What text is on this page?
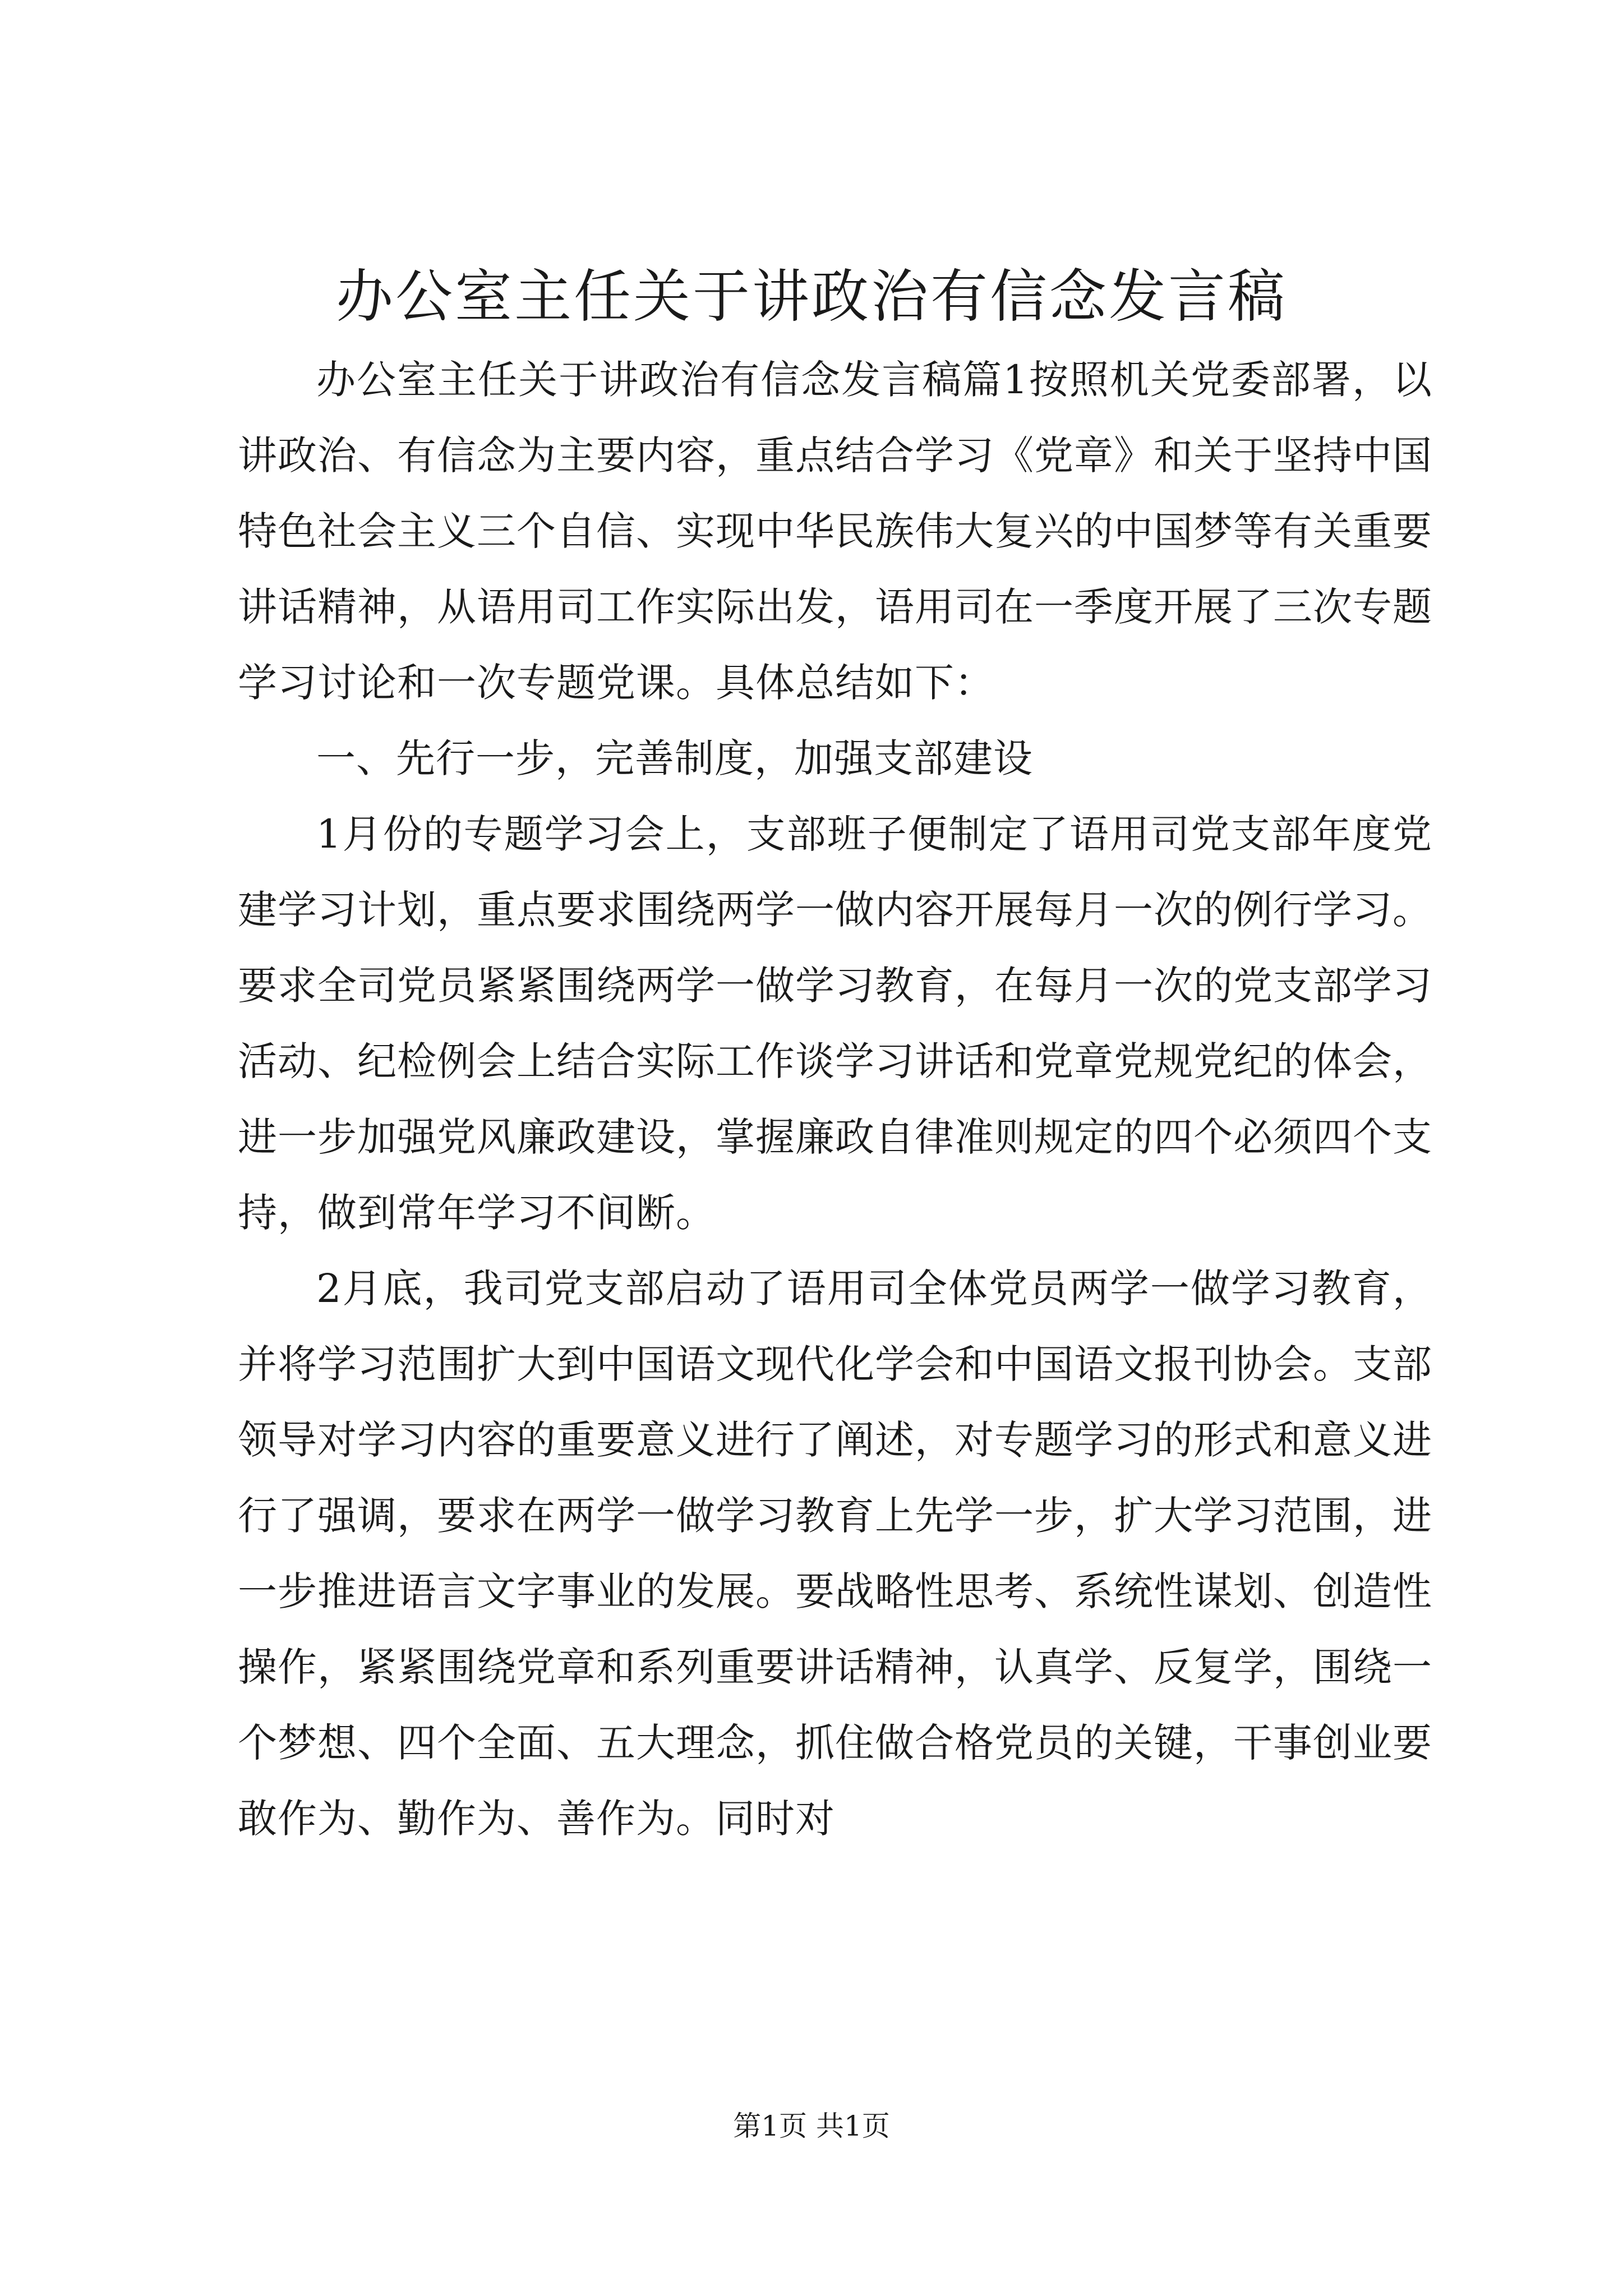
办公室主任关于讲政治有信念发言稿

办公室主任关于讲政治有信念发言稿篇1按照机关党委部署，以讲政治、有信念为主要内容，重点结合学习《党章》和关于坚持中国特色社会主义三个自信、实现中华民族伟大复兴的中国梦等有关重要讲话精神，从语用司工作实际出发，语用司在一季度开展了三次专题学习讨论和一次专题党课。具体总结如下：

一、先行一步，完善制度，加强支部建设

1月份的专题学习会上，支部班子便制定了语用司党支部年度党建学习计划，重点要求围绕两学一做内容开展每月一次的例行学习。要求全司党员紧紧围绕两学一做学习教育，在每月一次的党支部学习活动、纪检例会上结合实际工作谈学习讲话和党章党规党纪的体会，进一步加强党风廉政建设，掌握廉政自律准则规定的四个必须四个支持，做到常年学习不间断。

2月底，我司党支部启动了语用司全体党员两学一做学习教育，并将学习范围扩大到中国语文现代化学会和中国语文报刊协会。支部领导对学习内容的重要意义进行了阐述，对专题学习的形式和意义进行了强调，要求在两学一做学习教育上先学一步，扩大学习范围，进一步推进语言文字事业的发展。要战略性思考、系统性谋划、创造性操作，紧紧围绕党章和系列重要讲话精神，认真学、反复学，围绕一个梦想、四个全面、五大理念，抓住做合格党员的关键，干事创业要敢作为、勤作为、善作为。同时对

第1页 共1页
